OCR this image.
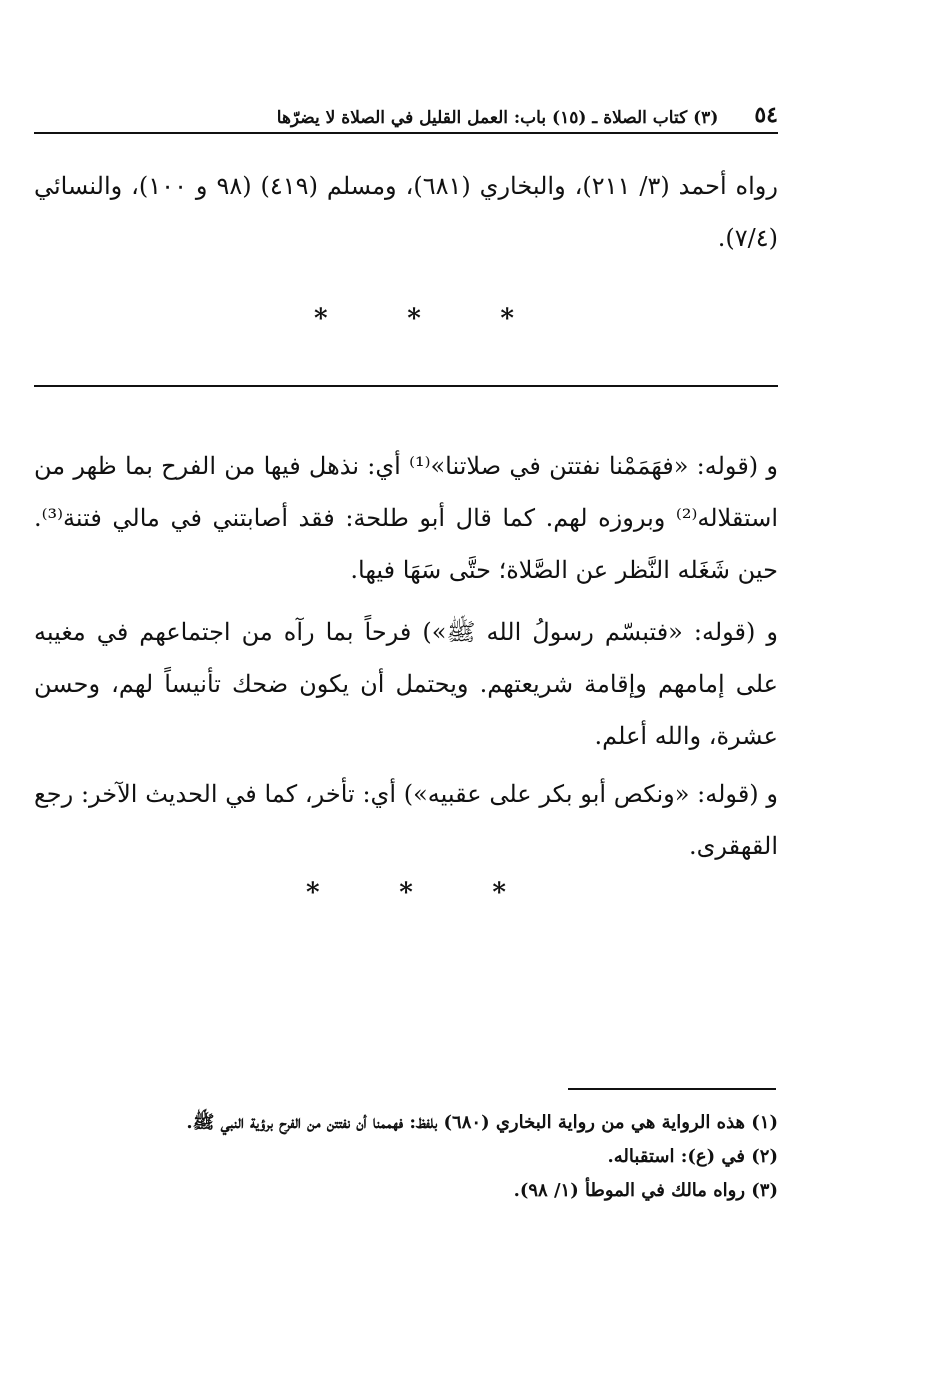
٥٤
(٣) كتاب الصلاة ـ (١٥) باب: العمل القليل في الصلاة لا يضرّها
رواه أحمد (٣/ ٢١١)، والبخاري (٦٨١)، ومسلم (٤١٩) (٩٨ و ١٠٠)، والنسائي (٧/٤).
*	*	*
و (قوله: «فهَمَمْنا نفتتن في صلاتنا»⁽¹⁾ أي: نذهل فيها من الفرح بما ظهر من استقلاله⁽²⁾ وبروزه لهم. كما قال أبو طلحة: فقد أصابتني في مالي فتنة⁽³⁾. حين شَغَله النَّظر عن الصَّلاة؛ حتَّى سَهَا فيها.
و (قوله: «فتبسّم رسولُ الله ﷺ») فرحاً بما رآه من اجتماعهم في مغيبه على إمامهم وإقامة شريعتهم. ويحتمل أن يكون ضحك تأنيساً لهم، وحسن عشرة، والله أعلم.
و (قوله: «ونكص أبو بكر على عقبيه») أي: تأخر، كما في الحديث الآخر: رجع القهقرى.
*	*	*

(١) هذه الرواية هي من رواية البخاري (٦٨٠) بلفظ: فهممنا أن نفتتن من الفرح برؤية النبي ﷺ.

(٢) في (ع): استقباله.

(٣) رواه مالك في الموطأ (١/ ٩٨).
